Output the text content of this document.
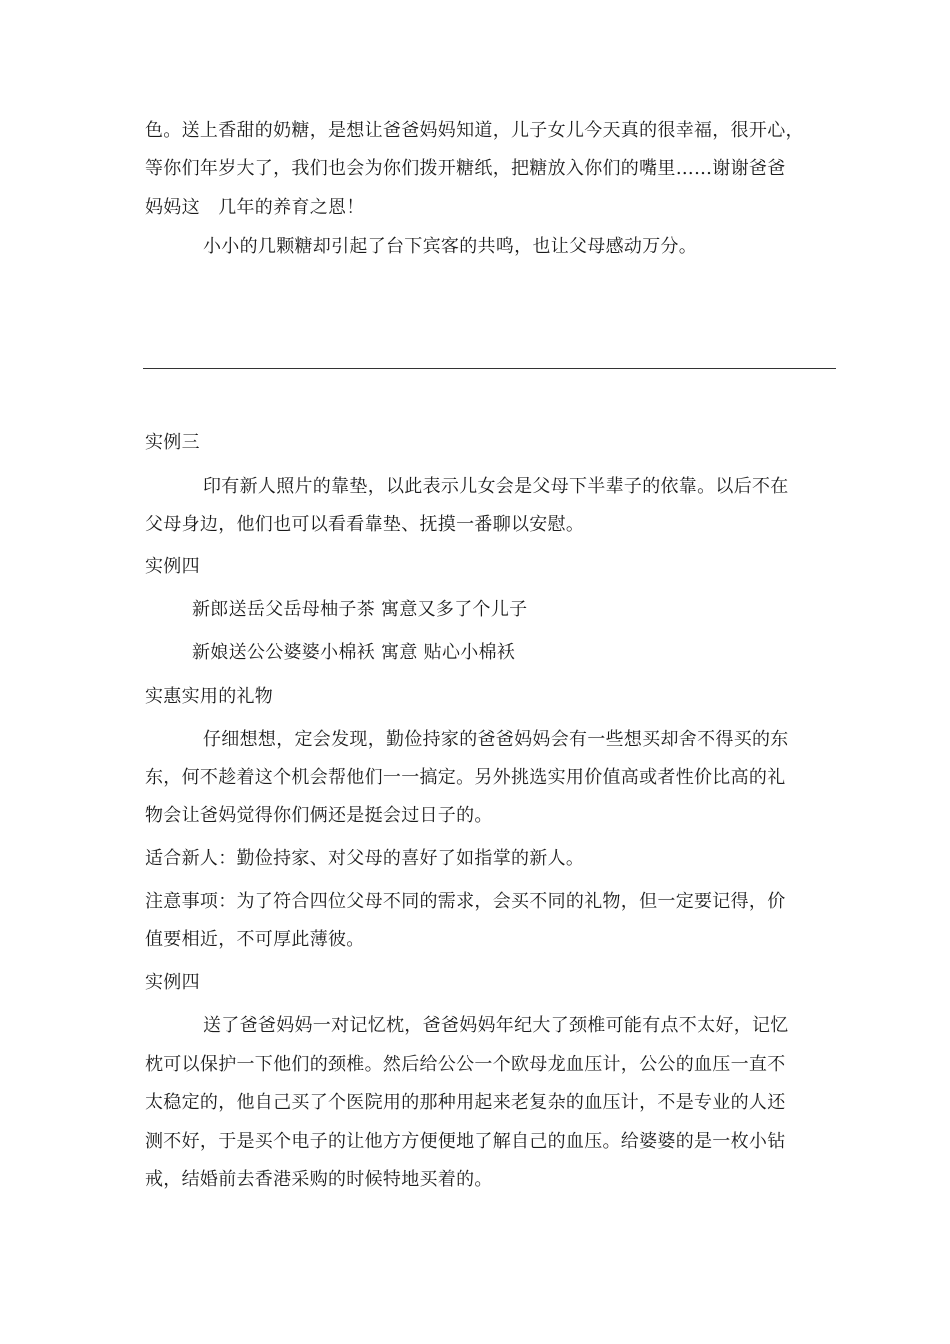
色。送上香甜的奶糖，是想让爸爸妈妈知道，儿子女儿今天真的很幸福，很开心，
等你们年岁大了，我们也会为你们拨开糖纸，把糖放入你们的嘴里……谢谢爸爸
妈妈这　几年的养育之恩！
小小的几颗糖却引起了台下宾客的共鸣，也让父母感动万分。
实例三
印有新人照片的靠垫，以此表示儿女会是父母下半辈子的依靠。以后不在
父母身边，他们也可以看看靠垫、抚摸一番聊以安慰。
实例四
新郎送岳父岳母柚子茶 寓意又多了个儿子
新娘送公公婆婆小棉袄 寓意 贴心小棉袄
实惠实用的礼物
仔细想想，定会发现，勤俭持家的爸爸妈妈会有一些想买却舍不得买的东
东，何不趁着这个机会帮他们一一搞定。另外挑选实用价值高或者性价比高的礼
物会让爸妈觉得你们俩还是挺会过日子的。
适合新人：勤俭持家、对父母的喜好了如指掌的新人。
注意事项：为了符合四位父母不同的需求，会买不同的礼物，但一定要记得，价
值要相近，不可厚此薄彼。
实例四
送了爸爸妈妈一对记忆枕，爸爸妈妈年纪大了颈椎可能有点不太好，记忆
枕可以保护一下他们的颈椎。然后给公公一个欧母龙血压计，公公的血压一直不
太稳定的，他自己买了个医院用的那种用起来老复杂的血压计，不是专业的人还
测不好，于是买个电子的让他方方便便地了解自己的血压。给婆婆的是一枚小钻
戒，结婚前去香港采购的时候特地买着的。
